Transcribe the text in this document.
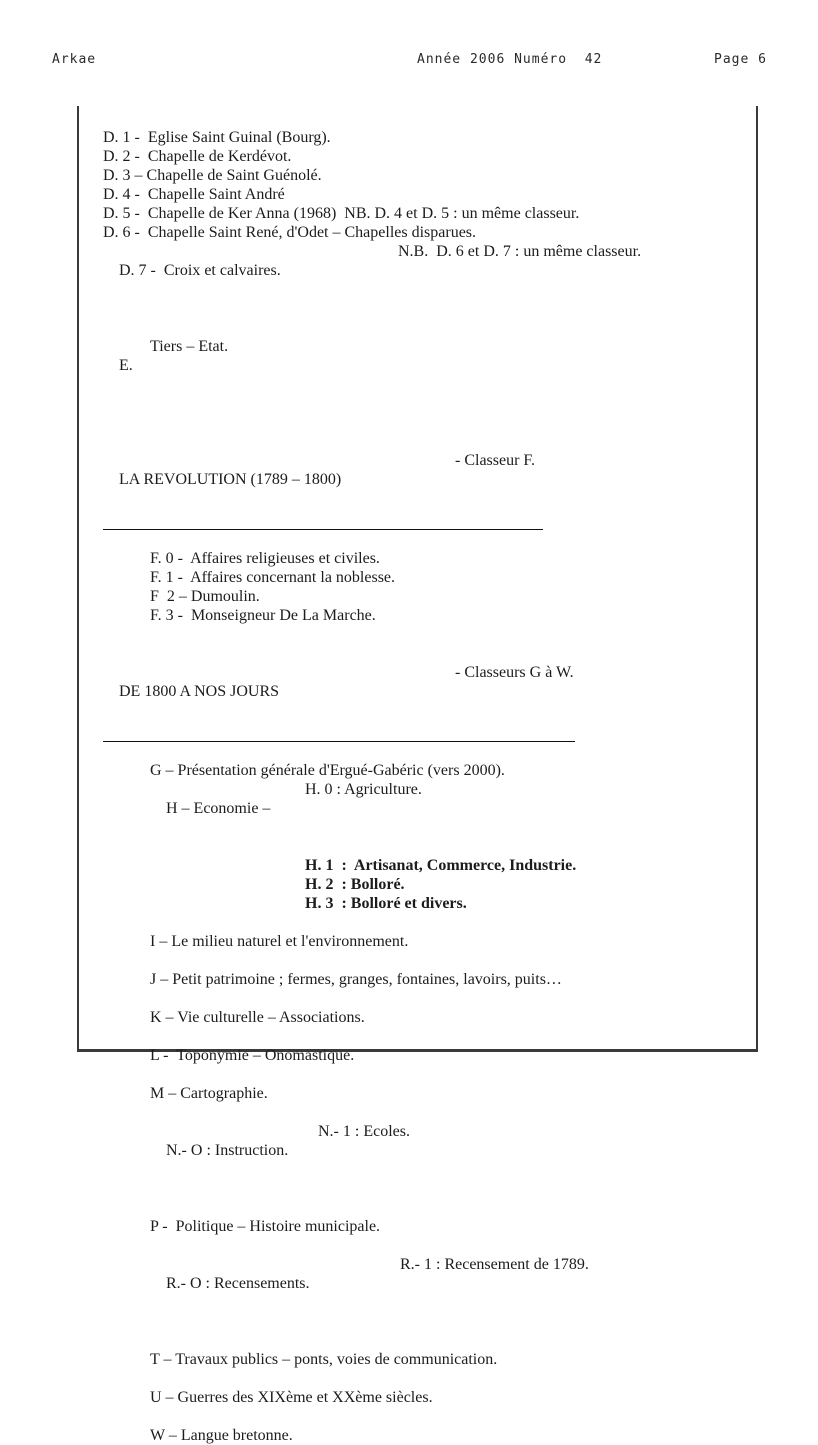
Arkae	Année 2006 Numéro  42	Page 6
D. 1 -  Eglise Saint Guinal (Bourg).
D. 2 -  Chapelle de Kerdévot.
D. 3 – Chapelle de Saint Guénolé.
D. 4 -  Chapelle Saint André
D. 5 -  Chapelle de Ker Anna (1968)  NB. D. 4 et D. 5 : un même classeur.
D. 6 -  Chapelle Saint René, d'Odet – Chapelles disparues.

D. 7 -  Croix et calvaires.

N.B.  D. 6 et D. 7 : un même classeur.

E.

Tiers – Etat.

LA REVOLUTION (1789 – 1800)

- Classeur F.

F. 0 -  Affaires religieuses et civiles.
F. 1 -  Affaires concernant la noblesse.
F  2 – Dumoulin.
F. 3 -  Monseigneur De La Marche.

DE 1800 A NOS JOURS

- Classeurs G à W.

G – Présentation générale d'Ergué-Gabéric (vers 2000).

H – Economie –

H. 0 : Agriculture.

H. 1  :  Artisanat, Commerce, Industrie.
H. 2  : Bolloré.
H. 3  : Bolloré et divers.
I – Le milieu naturel et l'environnement.
J – Petit patrimoine ; fermes, granges, fontaines, lavoirs, puits…
K – Vie culturelle – Associations.
L -  Toponymie – Onomastique.
M – Cartographie.

N.- O : Instruction.

N.- 1 : Ecoles.

P -  Politique – Histoire municipale.

R.- O : Recensements.

R.- 1 : Recensement de 1789.

T – Travaux publics – ponts, voies de communication.
U – Guerres des XIXème et XXème siècles.
W – Langue bretonne.
